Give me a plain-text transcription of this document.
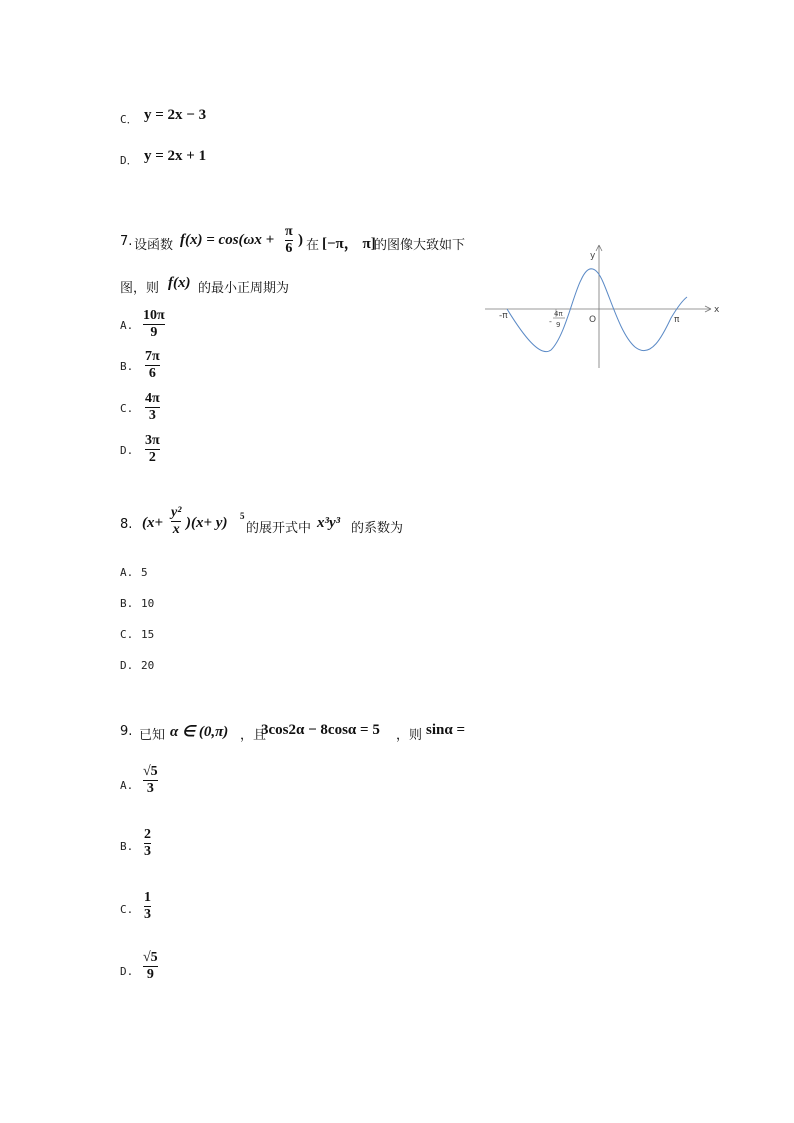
C． y = 2x − 3
D． y = 2x + 1
7. 设函数 f(x) = cos(ωx +
π
6
) 在 [−π， π]
的图像大致如下
图，则 f(x) 的最小正周期为
A.
10π
9
B.
7π
6
C.
4π
3
D.
3π
2
x
y
O
-π	π
-
4π
9
8. (x+
y²
x )(x+ y) 5
的展开式中 x³y³ 的系数为
A. 5
B. 10
C. 15
D. 20
9. 已知 α ∈ (0,π) ，且
3cos2α − 8cosα = 5 ，则 sinα =
A.
√5
3
B.
2
3
C.
1
3
D.
√5
9
